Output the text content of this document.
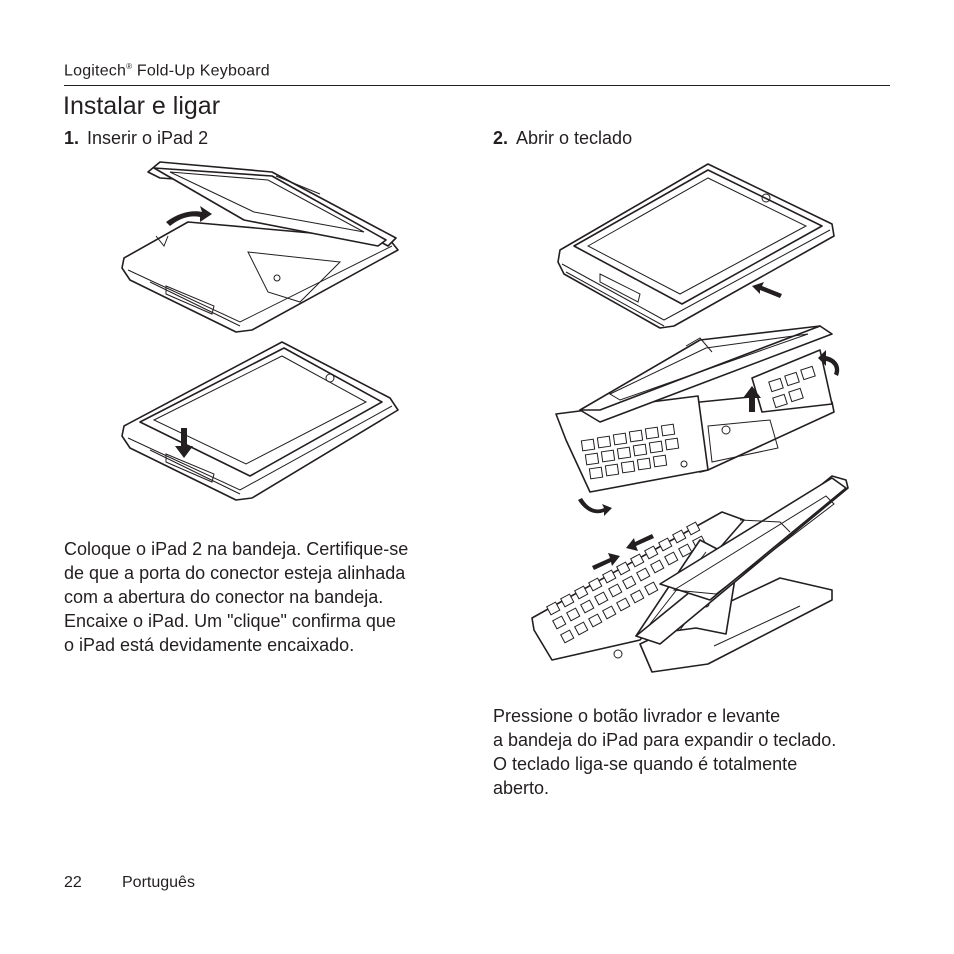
Logitech® Fold-Up Keyboard
Instalar e ligar
1. Inserir o iPad 2	2. Abrir o teclado

Coloque o iPad 2 na bandeja. Certifique-se
de que a porta do conector esteja alinhada
com a abertura do conector na bandeja.
Encaixe o iPad. Um "clique" confirma que
o iPad está devidamente encaixado.

Pressione o botão livrador e levante
a bandeja do iPad para expandir o teclado.
O teclado liga-se quando é totalmente
aberto.

22	Português
